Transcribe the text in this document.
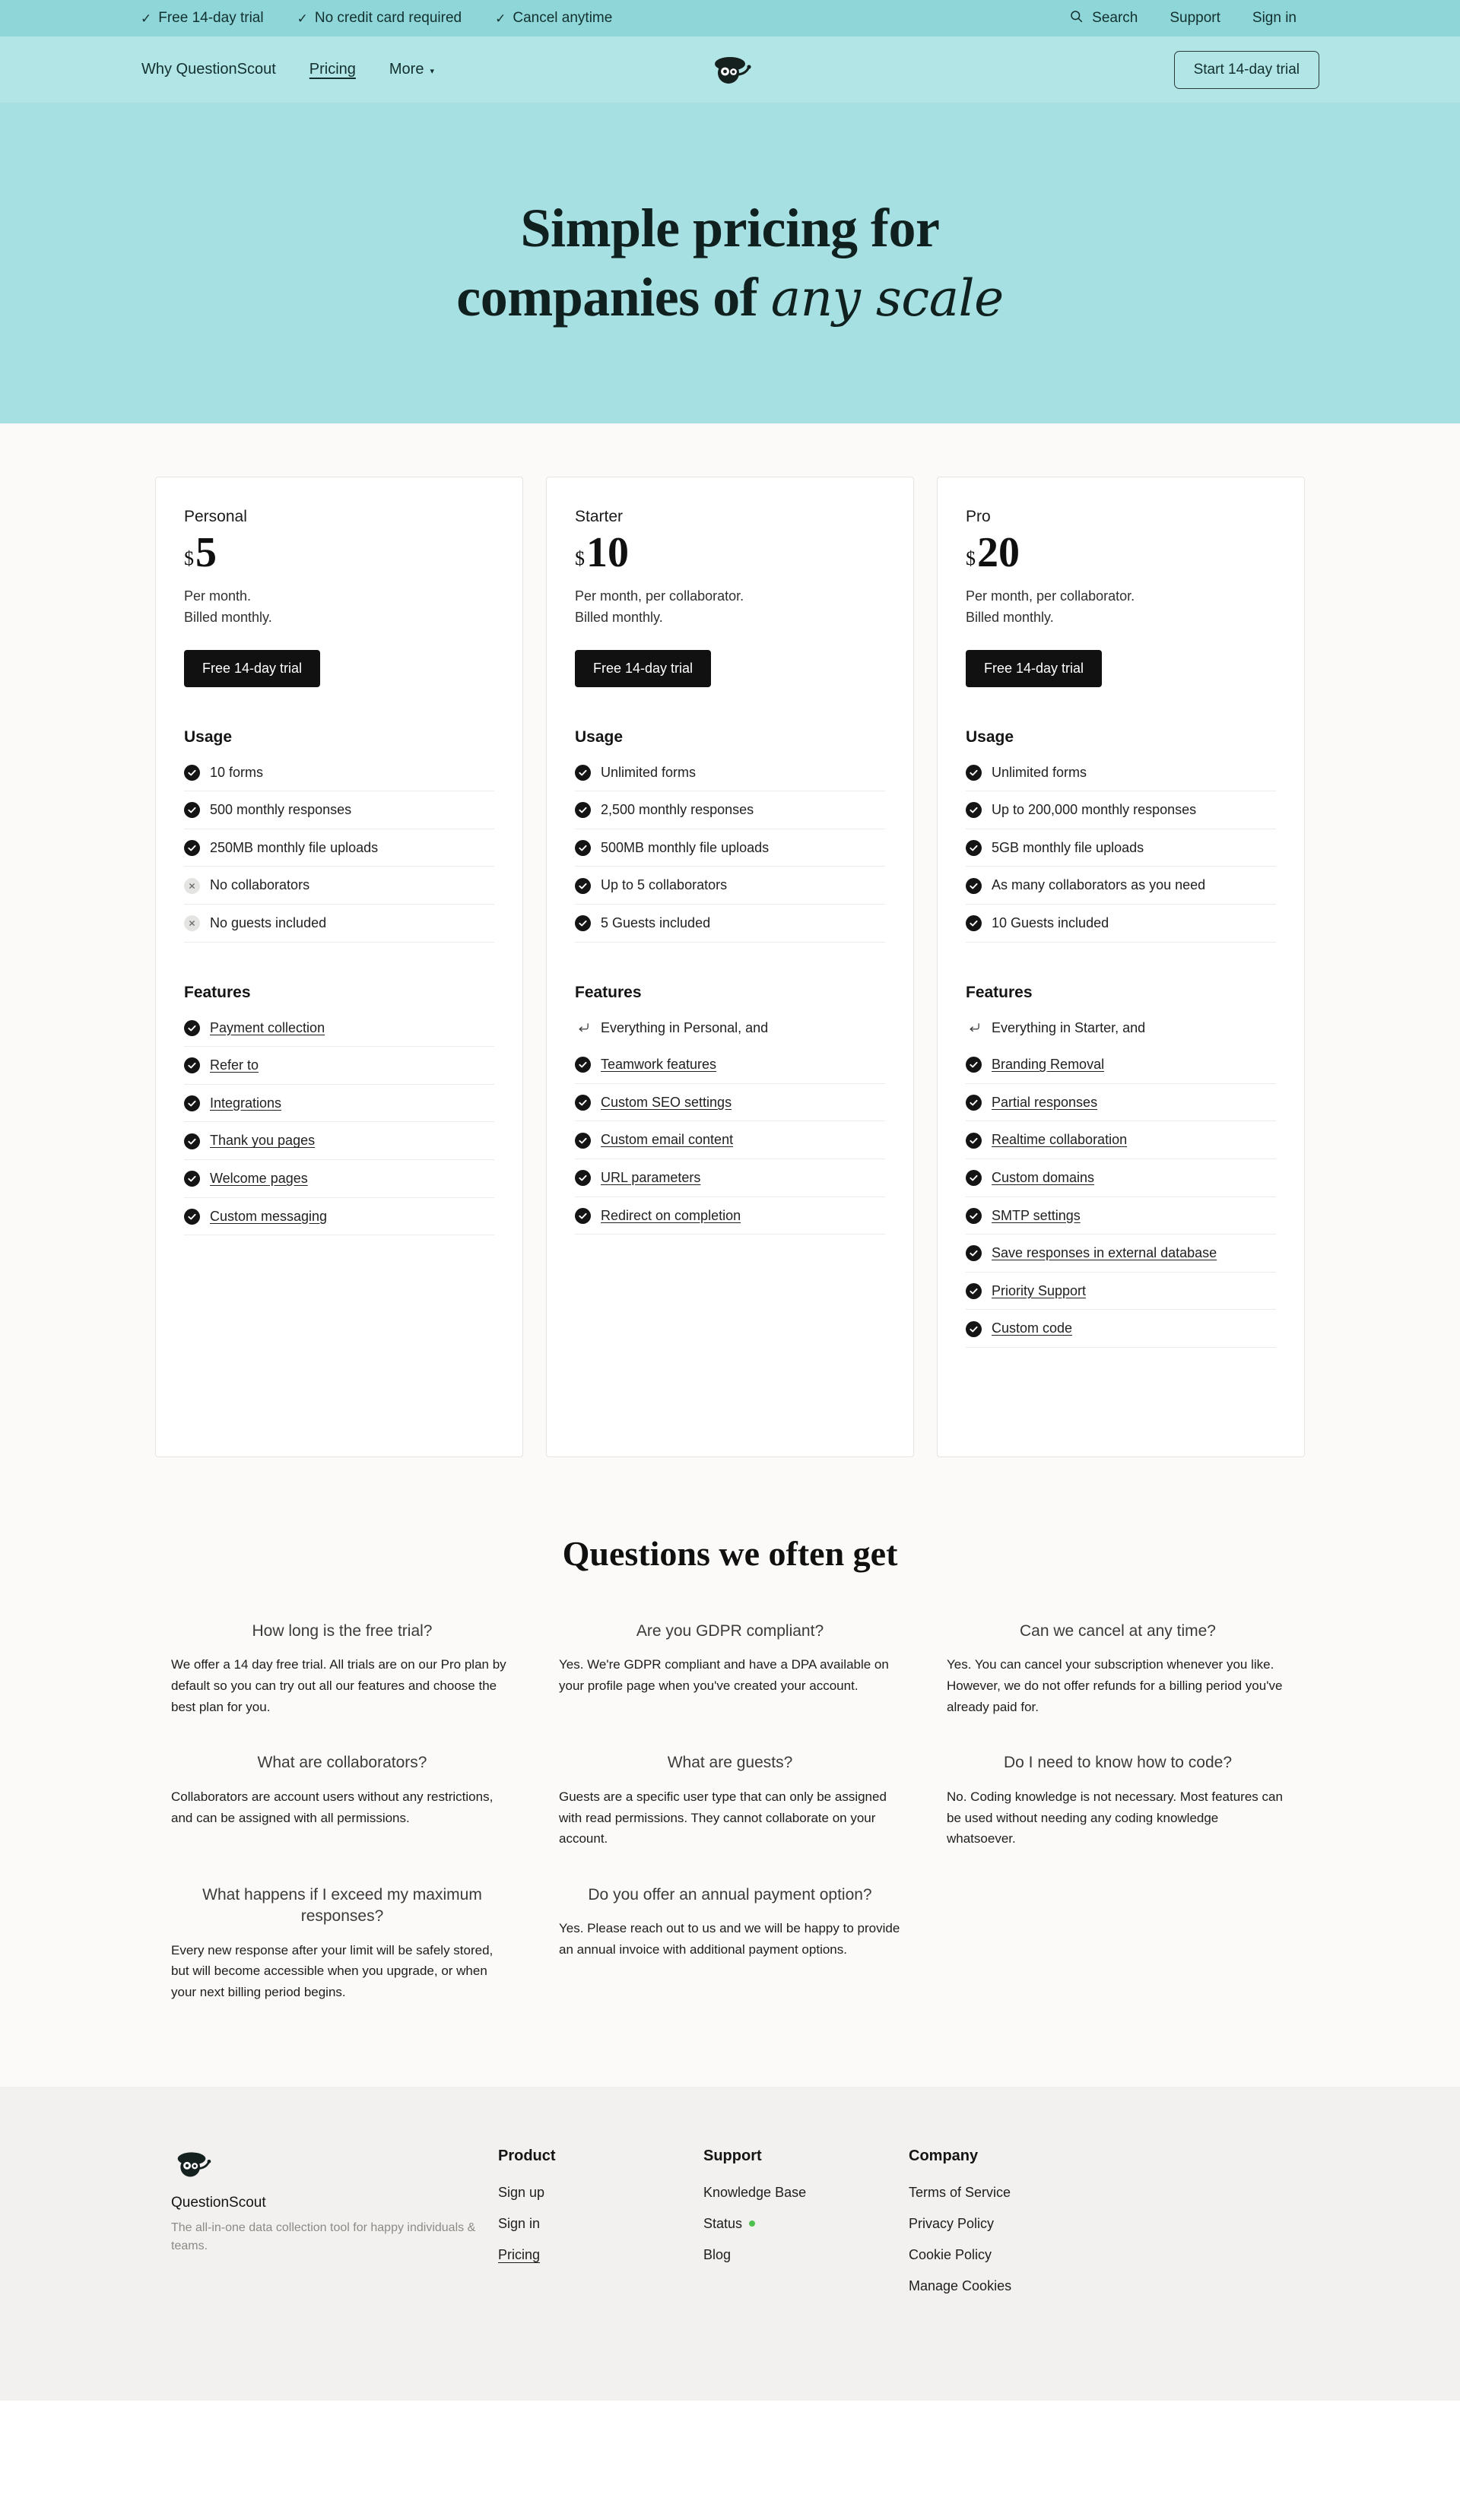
✓ Free 14-day trial	✓ No credit card required	✓ Cancel anytime	Search Support Sign in
Why QuestionScout Pricing More ▾	Start 14-day trial
Simple pricing for
companies of any scale
Personal
$ 5
Per month.
Billed monthly.
Free 14-day trial
Usage
10 forms
500 monthly responses
250MB monthly file uploads
No collaborators
No guests included
Features
Payment collection
Refer to
Integrations
Thank you pages
Welcome pages
Custom messaging
Starter
$ 10
Per month, per collaborator.
Billed monthly.
Free 14-day trial
Usage
Unlimited forms
2,500 monthly responses
500MB monthly file uploads
Up to 5 collaborators
5 Guests included
Features
Everything in Personal, and
Teamwork features
Custom SEO settings
Custom email content
URL parameters
Redirect on completion
Pro
$ 20
Per month, per collaborator.
Billed monthly.
Free 14-day trial
Usage
Unlimited forms
Up to 200,000 monthly responses
5GB monthly file uploads
As many collaborators as you need
10 Guests included
Features
Everything in Starter, and
Branding Removal
Partial responses
Realtime collaboration
Custom domains
SMTP settings
Save responses in external database
Priority Support
Custom code
Questions we often get
How long is the free trial?
We offer a 14 day free trial. All trials are on our Pro plan by default so you can try out all our features and choose the best plan for you.
Are you GDPR compliant?
Yes. We're GDPR compliant and have a DPA available on your profile page when you've created your account.
Can we cancel at any time?
Yes. You can cancel your subscription whenever you like. However, we do not offer refunds for a billing period you've already paid for.
What are collaborators?
Collaborators are account users without any restrictions, and can be assigned with all permissions.
What are guests?
Guests are a specific user type that can only be assigned with read permissions. They cannot collaborate on your account.
Do I need to know how to code?
No. Coding knowledge is not necessary. Most features can be used without needing any coding knowledge whatsoever.
What happens if I exceed my maximum responses?
Every new response after your limit will be safely stored, but will become accessible when you upgrade, or when your next billing period begins.
Do you offer an annual payment option?
Yes. Please reach out to us and we will be happy to provide an annual invoice with additional payment options.
QuestionScout
The all-in-one data collection tool for happy individuals & teams.
Product
Sign up
Sign in
Pricing
Support
Knowledge Base
Status
Blog
Company
Terms of Service
Privacy Policy
Cookie Policy
Manage Cookies
